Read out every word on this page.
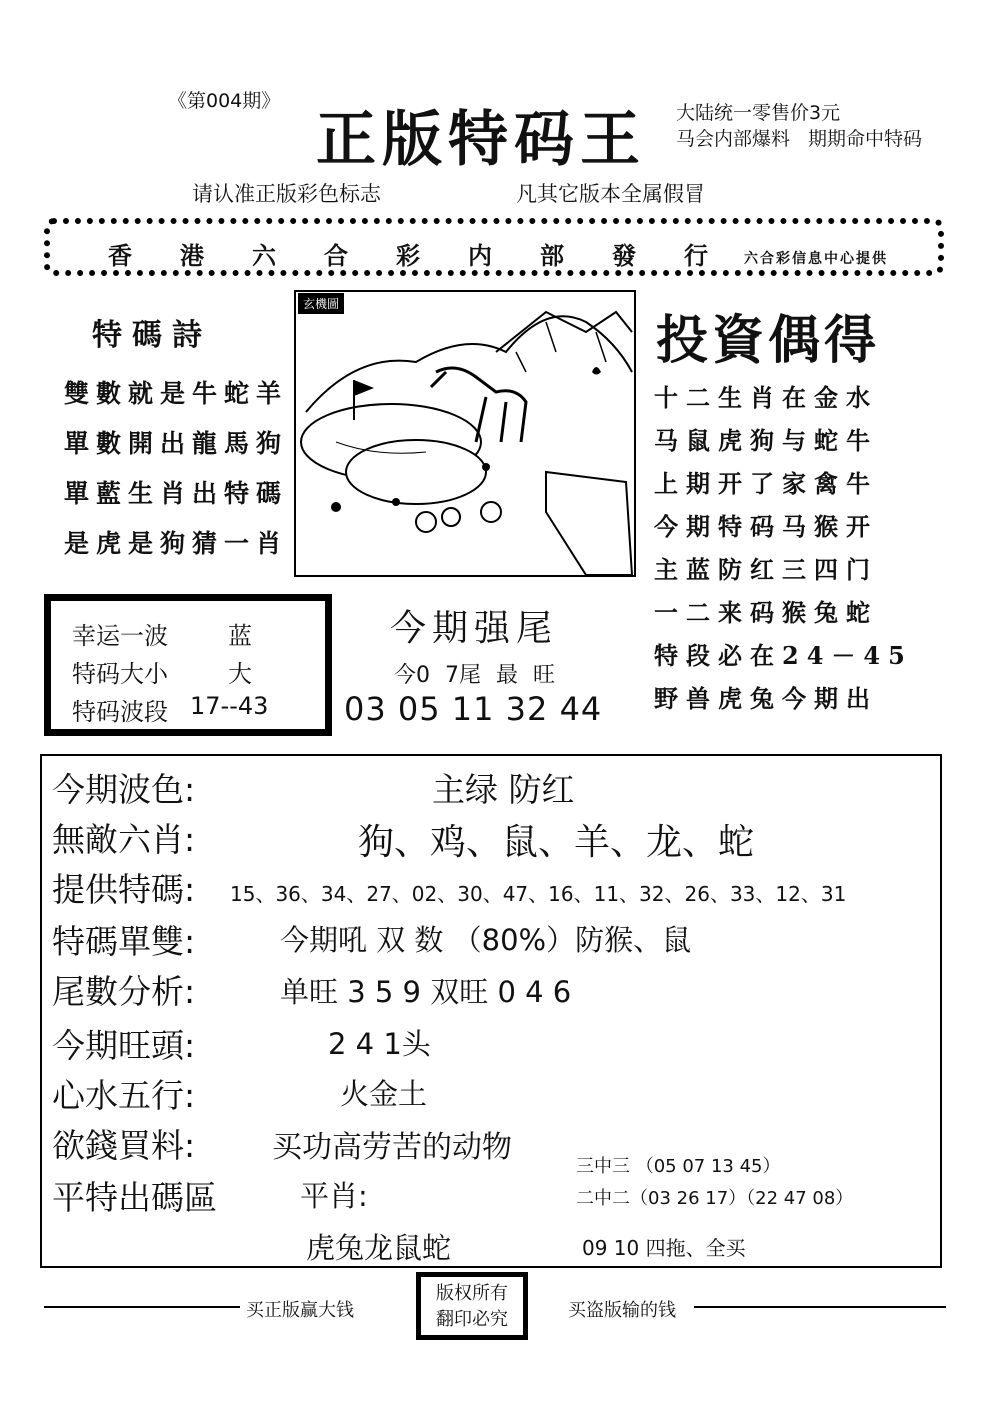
《第004期》
正版特码王 大陆统一零售价3元
马会内部爆料 期期命中特码
请认准正版彩色标志	凡其它版本全属假冒
香港六合彩内部發行
六合彩信息中心提供
特碼詩
雙數就是牛蛇羊
單數開出龍馬狗
單藍生肖出特碼
是虎是狗猜一肖
玄機圖
投資偶得
十二生肖在金水
马鼠虎狗与蛇牛
上期开了家禽牛
今期特码马猴开
主蓝防红三四门
一二来码猴兔蛇
特段必在24－45
野兽虎兔今期出
幸运一波	蓝
特码大小	大
特码波段 17--43
今期强尾
今0 7尾 最 旺
03 05 11 32 44
今期波色:	主绿 防红
無敵六肖:	狗、鸡、鼠、羊、龙、蛇
提供特碼: 15、36、34、27、02、30、47、16、11、32、26、33、12、31
特碼單雙:	今期吼 双 数 （80%）防猴、鼠
尾數分析:	单旺 3 5 9 双旺 0 4 6
今期旺頭:	2 4 1头
心水五行:	火金土
欲錢買料:	买功高劳苦的动物
平特出碼區	平肖:
三中三 （05 07 13 45）
二中二（03 26 17）（22 47 08）
虎兔龙鼠蛇	09 10 四拖、全买
买正版赢大钱
版权所有
翻印必究	买盗版输的钱
